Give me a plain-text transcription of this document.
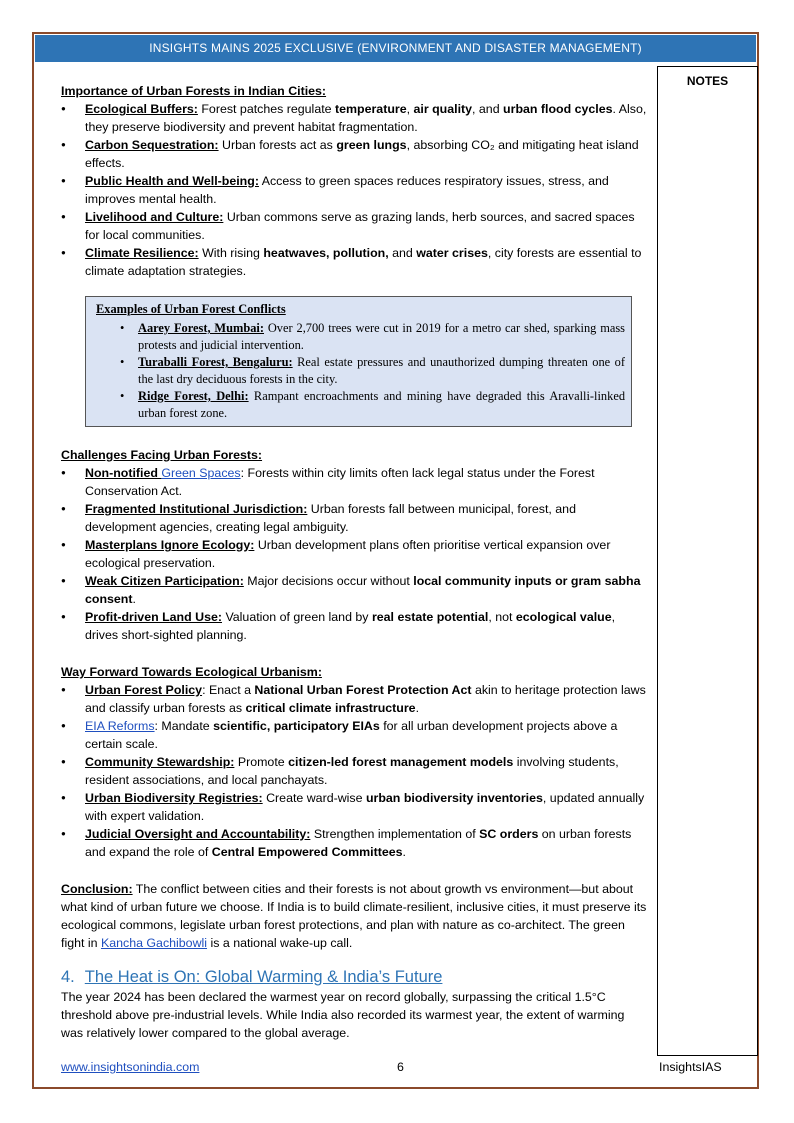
INSIGHTS MAINS 2025 EXCLUSIVE (ENVIRONMENT AND DISASTER MANAGEMENT)
NOTES

Importance of Urban Forests in Indian Cities:

● Ecological Buffers: Forest patches regulate temperature, air quality, and urban flood cycles. Also, they preserve biodiversity and prevent habitat fragmentation.
● Carbon Sequestration: Urban forests act as green lungs, absorbing CO₂ and mitigating heat island effects.
● Public Health and Well-being: Access to green spaces reduces respiratory issues, stress, and improves mental health.
● Livelihood and Culture: Urban commons serve as grazing lands, herb sources, and sacred spaces for local communities.
● Climate Resilience: With rising heatwaves, pollution, and water crises, city forests are essential to climate adaptation strategies.
Examples of Urban Forest Conflicts
• Aarey Forest, Mumbai: Over 2,700 trees were cut in 2019 for a metro car shed, sparking mass protests and judicial intervention.
• Turaballi Forest, Bengaluru: Real estate pressures and unauthorized dumping threaten one of the last dry deciduous forests in the city.
• Ridge Forest, Delhi: Rampant encroachments and mining have degraded this Aravalli-linked urban forest zone.

Challenges Facing Urban Forests:

● Non-notified Green Spaces: Forests within city limits often lack legal status under the Forest Conservation Act.
● Fragmented Institutional Jurisdiction: Urban forests fall between municipal, forest, and development agencies, creating legal ambiguity.
● Masterplans Ignore Ecology: Urban development plans often prioritise vertical expansion over ecological preservation.
● Weak Citizen Participation: Major decisions occur without local community inputs or gram sabha consent.
● Profit-driven Land Use: Valuation of green land by real estate potential, not ecological value, drives short-sighted planning.

Way Forward Towards Ecological Urbanism:

● Urban Forest Policy: Enact a National Urban Forest Protection Act akin to heritage protection laws and classify urban forests as critical climate infrastructure.
● EIA Reforms: Mandate scientific, participatory EIAs for all urban development projects above a certain scale.
● Community Stewardship: Promote citizen-led forest management models involving students, resident associations, and local panchayats.
● Urban Biodiversity Registries: Create ward-wise urban biodiversity inventories, updated annually with expert validation.
● Judicial Oversight and Accountability: Strengthen implementation of SC orders on urban forests and expand the role of Central Empowered Committees.

Conclusion: The conflict between cities and their forests is not about growth vs environment—but about what kind of urban future we choose. If India is to build climate-resilient, inclusive cities, it must preserve its ecological commons, legislate urban forest protections, and plan with nature as co-architect. The green fight in Kancha Gachibowli is a national wake-up call.

4. The Heat is On: Global Warming & India’s Future

The year 2024 has been declared the warmest year on record globally, surpassing the critical 1.5°C threshold above pre-industrial levels. While India also recorded its warmest year, the extent of warming was relatively lower compared to the global average.

www.insightsonindia.com	6	InsightsIAS
